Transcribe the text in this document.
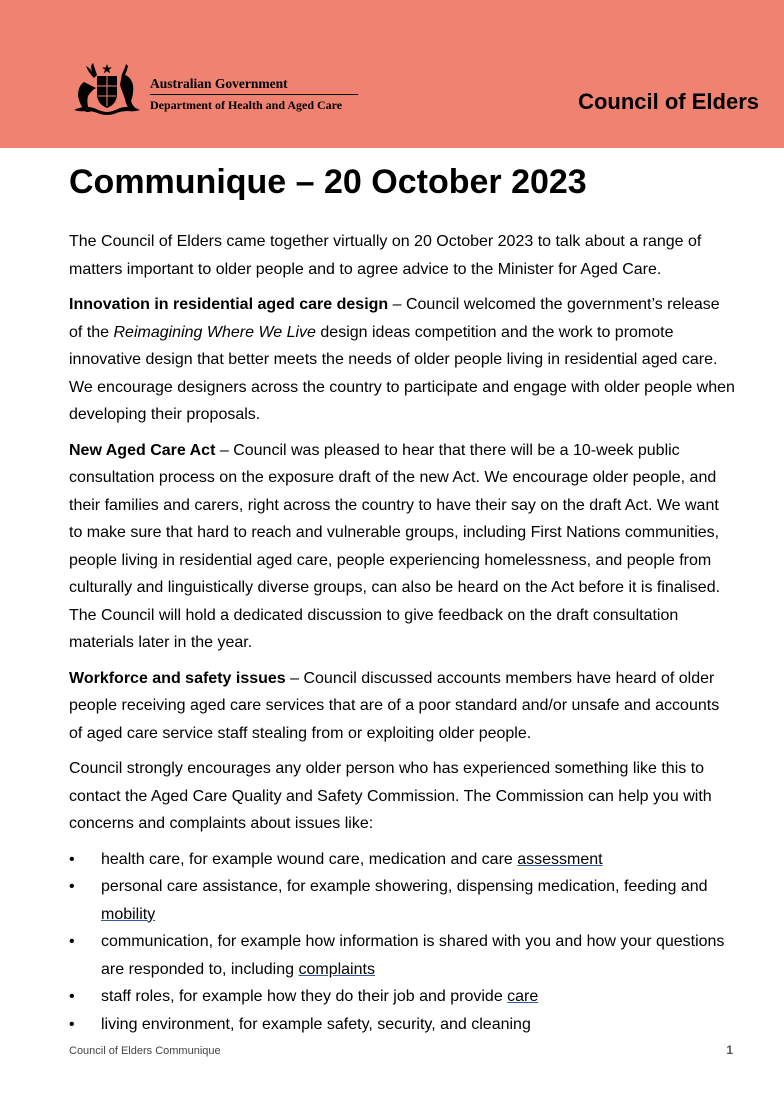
Australian Government
Department of Health and Aged Care	Council of Elders
Communique – 20 October 2023

The Council of Elders came together virtually on 20 October 2023 to talk about a range of matters important to older people and to agree advice to the Minister for Aged Care.

Innovation in residential aged care design – Council welcomed the government’s release of the Reimagining Where We Live design ideas competition and the work to promote innovative design that better meets the needs of older people living in residential aged care. We encourage designers across the country to participate and engage with older people when developing their proposals.

New Aged Care Act – Council was pleased to hear that there will be a 10-week public consultation process on the exposure draft of the new Act. We encourage older people, and their families and carers, right across the country to have their say on the draft Act. We want to make sure that hard to reach and vulnerable groups, including First Nations communities, people living in residential aged care, people experiencing homelessness, and people from culturally and linguistically diverse groups, can also be heard on the Act before it is finalised. The Council will hold a dedicated discussion to give feedback on the draft consultation materials later in the year.

Workforce and safety issues – Council discussed accounts members have heard of older people receiving aged care services that are of a poor standard and/or unsafe and accounts of aged care service staff stealing from or exploiting older people.

Council strongly encourages any older person who has experienced something like this to contact the Aged Care Quality and Safety Commission. The Commission can help you with concerns and complaints about issues like:

• health care, for example wound care, medication and care assessment
• personal care assistance, for example showering, dispensing medication, feeding and mobility
• communication, for example how information is shared with you and how your questions are responded to, including complaints
• staff roles, for example how they do their job and provide care
• living environment, for example safety, security, and cleaning
Council of Elders Communique	1
